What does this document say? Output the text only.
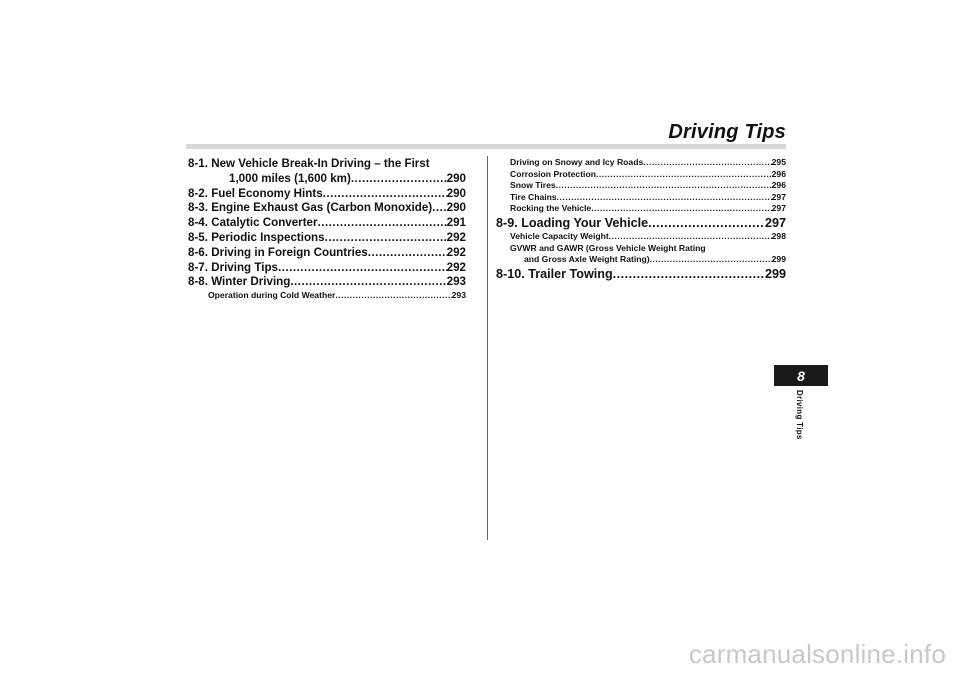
Driving Tips
8-1. New Vehicle Break-In Driving – the First
1,000 miles (1,600 km) .....	290
8-2. Fuel Economy Hints .....	290
8-3. Engine Exhaust Gas (Carbon Monoxide) ..... 290
8-4. Catalytic Converter .....	291
8-5. Periodic Inspections .....	292
8-6. Driving in Foreign Countries .....	292
8-7. Driving Tips .....	292
8-8. Winter Driving .....	293
Operation during Cold Weather .....	293
Driving on Snowy and Icy Roads .....	295
Corrosion Protection .....	296
Snow Tires .....	296
Tire Chains .....	297
Rocking the Vehicle .....	297
8-9. Loading Your Vehicle .....	297
Vehicle Capacity Weight .....	298
GVWR and GAWR (Gross Vehicle Weight Rating
and Gross Axle Weight Rating) .....	299
8-10. Trailer Towing .....	299
8
Driving Tips
carmanualsonline.info
